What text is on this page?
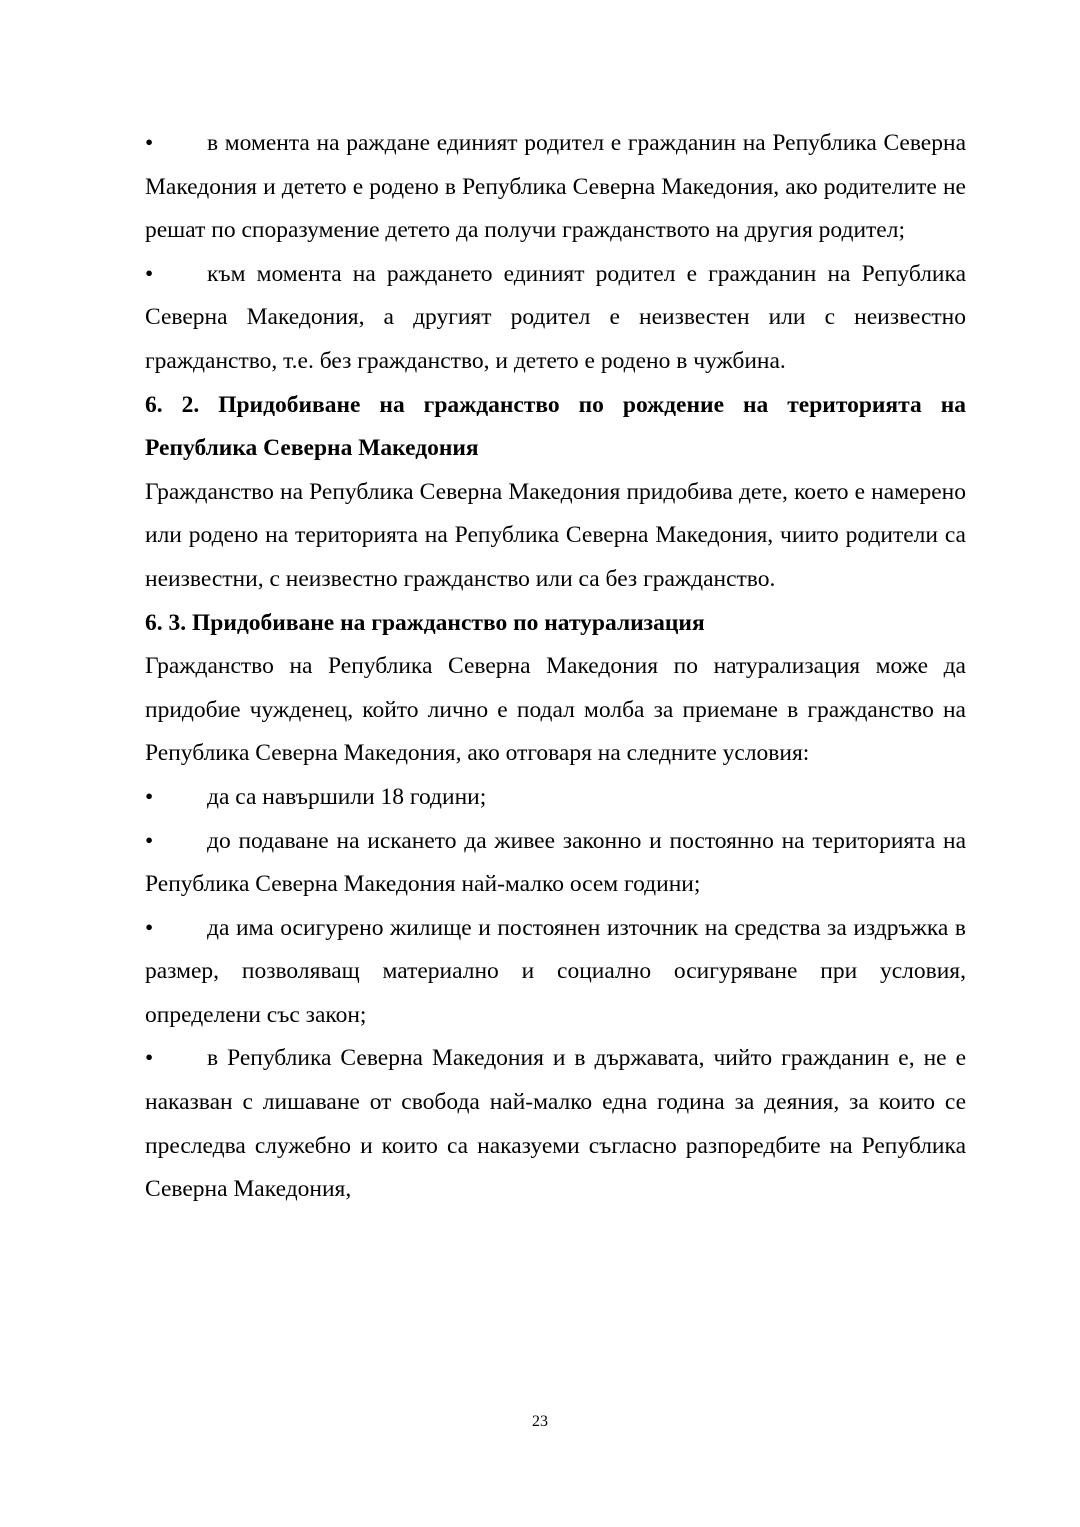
•	в момента на раждане единият родител е гражданин на Република Северна Македония и детето е родено в Република Северна Македония, ако родителите не решат по споразумение детето да получи гражданството на другия родител;

•	към момента на раждането единият родител е гражданин на Република Северна Македония, а другият родител е неизвестен или с неизвестно гражданство, т.е. без гражданство, и детето е родено в чужбина.

6. 2. Придобиване на гражданство по рождение на територията на Република Северна Македония

Гражданство на Република Северна Македония придобива дете, което е намерено или родено на територията на Република Северна Македония, чиито родители са неизвестни, с неизвестно гражданство или са без гражданство.

6. 3. Придобиване на гражданство по натурализация

Гражданство на Република Северна Македония по натурализация може да придобие чужденец, който лично е подал молба за приемане в гражданство на Република Северна Македония, ако отговаря на следните условия:

•	да са навършили 18 години;

•	до подаване на искането да живее законно и постоянно на територията на Република Северна Македония най-малко осем години;

•	да има осигурено жилище и постоянен източник на средства за издръжка в размер, позволяващ материално и социално осигуряване при условия, определени със закон;

•	в Република Северна Македония и в държавата, чийто гражданин е, не е наказван с лишаване от свобода най-малко една година за деяния, за които се преследва служебно и които са наказуеми съгласно разпоредбите на Република Северна Македония,

23
